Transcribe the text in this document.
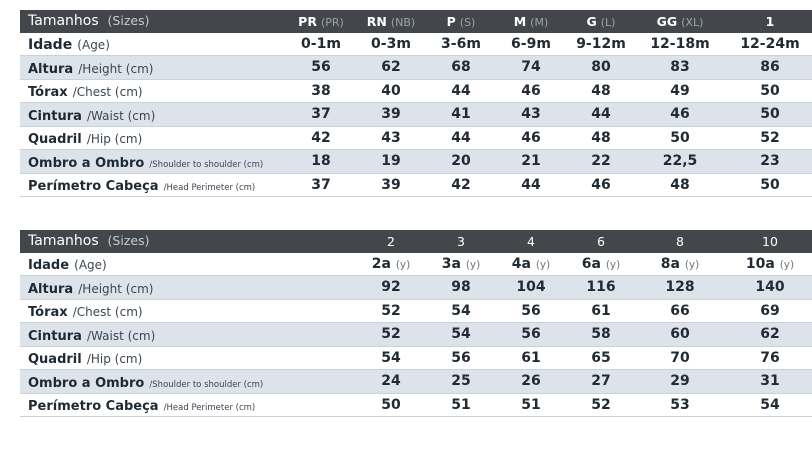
Tamanhos (Sizes)	PR (PR)	RN (NB)	P (S)	M (M)	G (L)	GG (XL)	1
Idade (Age)	0-1m	0-3m	3-6m	6-9m	9-12m	12-18m	12-24m
Altura /Height (cm)	56	62	68	74	80	83	86
Tórax /Chest (cm)	38	40	44	46	48	49	50
Cintura /Waist (cm)	37	39	41	43	44	46	50
Quadril /Hip (cm)	42	43	44	46	48	50	52
Ombro a Ombro /Shoulder to shoulder (cm)	18	19	20	21	22	22,5	23
Perímetro Cabeça /Head Perimeter (cm)	37	39	42	44	46	48	50
Tamanhos (Sizes)	2	3	4	6	8	10
Idade (Age)	2a (y)	3a (y)	4a (y)	6a (y)	8a (y)	10a (y)
Altura /Height (cm)	92	98	104	116	128	140
Tórax /Chest (cm)	52	54	56	61	66	69
Cintura /Waist (cm)	52	54	56	58	60	62
Quadril /Hip (cm)	54	56	61	65	70	76
Ombro a Ombro /Shoulder to shoulder (cm)	24	25	26	27	29	31
Perímetro Cabeça /Head Perimeter (cm)	50	51	51	52	53	54
